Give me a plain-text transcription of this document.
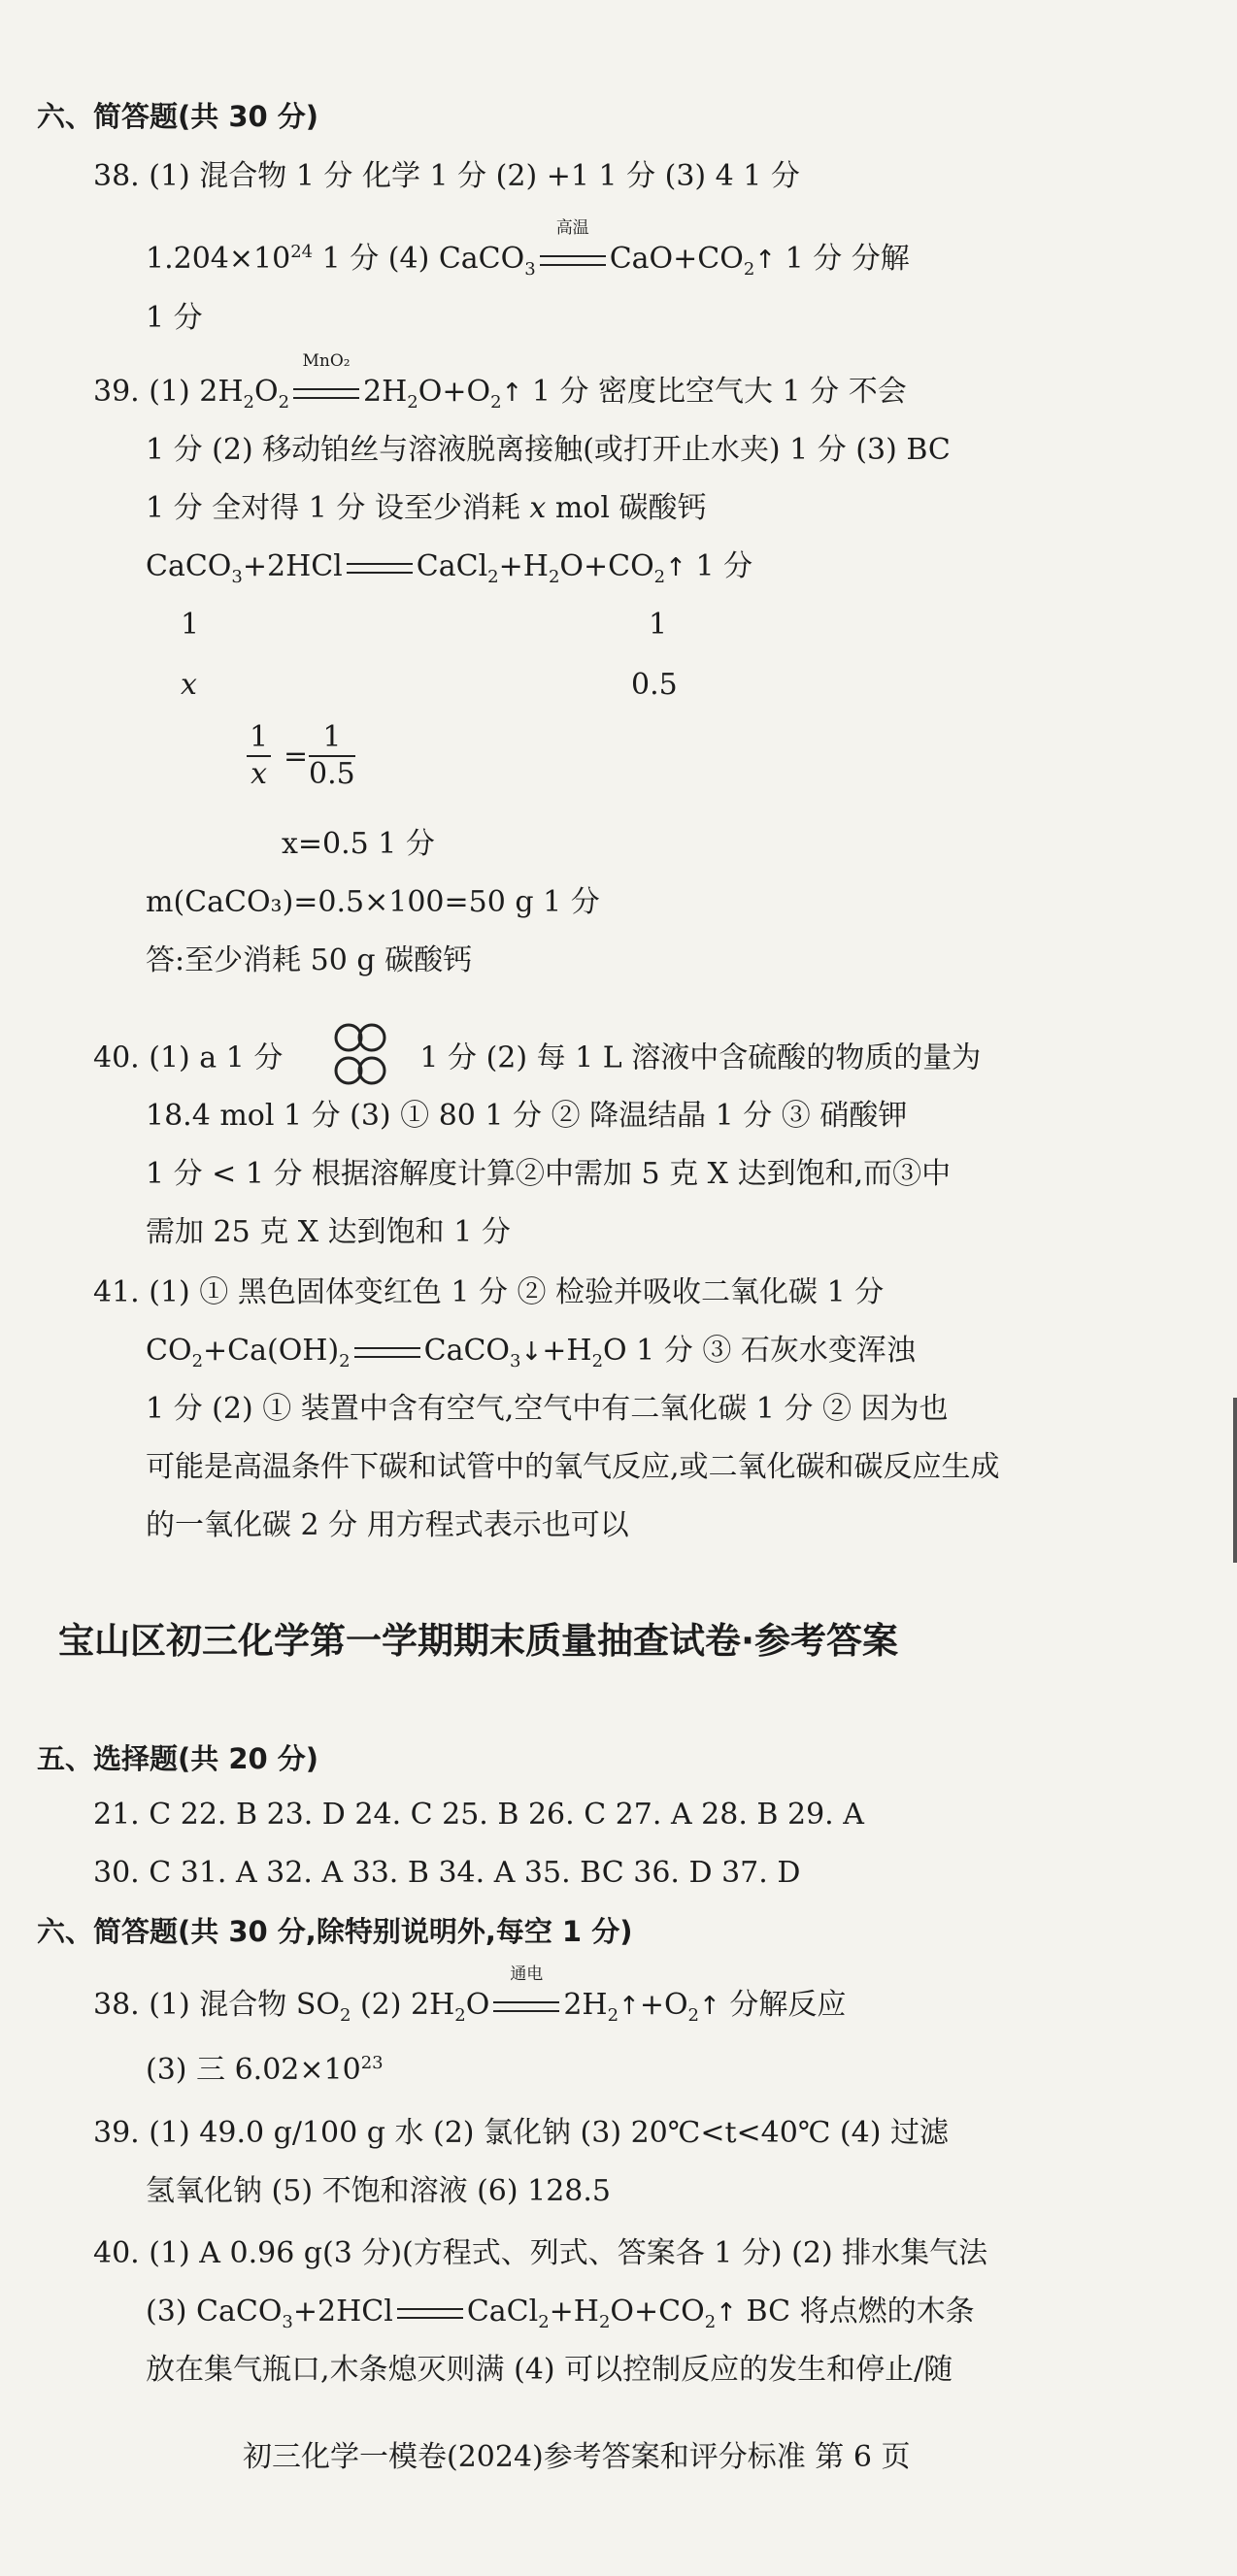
六、简答题(共 30 分)
38. (1) 混合物 1 分 化学 1 分 (2) +1 1 分 (3) 4 1 分
$1.204\times 10^{24}$ 1 分 (4) CaCO$_3$
高温
$CaO+CO_2↑$ 1 分 分解
1 分
39. (1) $2H_2O_2$
MnO₂
$2H_2O+O_2↑$ 1 分 密度比空气大 1 分 不会
1 分 (2) 移动铂丝与溶液脱离接触(或打开止水夹) 1 分 (3) BC
1 分 全对得 1 分 设至少消耗 x mol 碳酸钙
CaCO$_3$+2HCl	$CaCl_2+H_2O+CO_2↑$ 1 分
1	1
x	0.5
$\frac{1}{x} = \frac{1}{0.5}$
x=0.5 1 分
m(CaCO₃)=0.5×100=50 g 1 分
答:至少消耗 50 g 碳酸钙
40. (1) a 1 分	1 分 (2) 每 1 L 溶液中含硫酸的物质的量为
18.4 mol 1 分 (3) ① 80 1 分 ② 降温结晶 1 分 ③ 硝酸钾
1 分 < 1 分 根据溶解度计算②中需加 5 克 X 达到饱和,而③中
需加 25 克 X 达到饱和 1 分
41. (1) ① 黑色固体变红色 1 分 ② 检验并吸收二氧化碳 1 分
$CO_2+Ca(OH)_2$	$CaCO_3↓+H_2O$ 1 分 ③ 石灰水变浑浊
1 分 (2) ① 装置中含有空气,空气中有二氧化碳 1 分 ② 因为也
可能是高温条件下碳和试管中的氧气反应,或二氧化碳和碳反应生成
的一氧化碳 2 分 用方程式表示也可以
宝山区初三化学第一学期期末质量抽查试卷·参考答案
五、选择题(共 20 分)
21. C 22. B 23. D 24. C 25. B 26. C 27. A 28. B 29. A
30. C 31. A 32. A 33. B 34. A 35. BC 36. D 37. D
六、简答题(共 30 分,除特别说明外,每空 1 分)
38. (1) 混合物 $SO_2$ (2) $2H_2O$
通电
$2H_2↑+O_2↑$ 分解反应
(3) 三 $6.02\times 10^{23}$
39. (1) 49.0 g/100 g 水 (2) 氯化钠 (3) 20℃<t<40℃ (4) 过滤
氢氧化钠 (5) 不饱和溶液 (6) 128.5
40. (1) A 0.96 g(3 分)(方程式、列式、答案各 1 分) (2) 排水集气法
(3) CaCO$_3$+2HCl	$CaCl_2+H_2O+CO_2↑$ BC 将点燃的木条
放在集气瓶口,木条熄灭则满 (4) 可以控制反应的发生和停止/随
初三化学一模卷(2024)参考答案和评分标准 第 6 页
